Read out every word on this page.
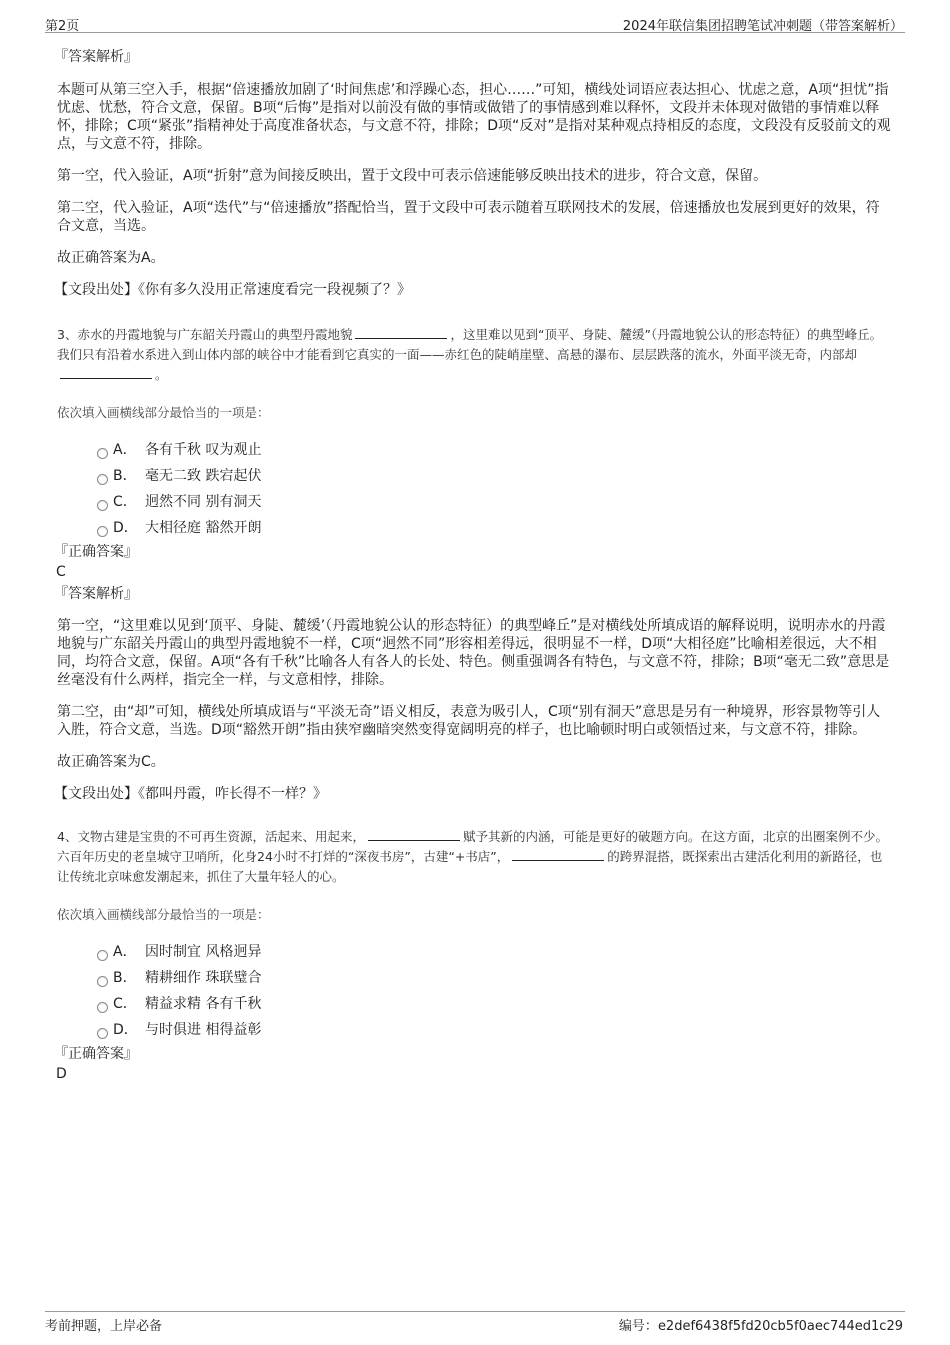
第2页	2024年联信集团招聘笔试冲刺题（带答案解析）

『答案解析』

本题可从第三空入手，根据“倍速播放加剧了‘时间焦虑’和浮躁心态，担心……”可知，横线处词语应表达担心、忧虑之意，A项“担忧”指忧虑、忧愁，符合文意，保留。B项“后悔”是指对以前没有做的事情或做错了的事情感到难以释怀，文段并未体现对做错的事情难以释怀，排除；C项“紧张”指精神处于高度准备状态，与文意不符，排除；D项“反对”是指对某种观点持相反的态度，文段没有反驳前文的观点，与文意不符，排除。

第一空，代入验证，A项“折射”意为间接反映出，置于文段中可表示倍速能够反映出技术的进步，符合文意，保留。

第二空，代入验证，A项“迭代”与“倍速播放”搭配恰当，置于文段中可表示随着互联网技术的发展，倍速播放也发展到更好的效果，符合文意，当选。

故正确答案为A。

【文段出处】《你有多久没用正常速度看完一段视频了？》

3、赤水的丹霞地貌与广东韶关丹霞山的典型丹霞地貌	，这里难以见到“顶平、身陡、麓缓”（丹霞地貌公认的形态特征）的典型峰丘。我们只有沿着水系进入到山体内部的峡谷中才能看到它真实的一面——赤红色的陡峭崖壁、高悬的瀑布、层层跌落的流水，外面平淡无奇，内部却。

依次填入画横线部分最恰当的一项是：

A． 各有千秋 叹为观止
B． 毫无二致 跌宕起伏
C． 迥然不同 别有洞天
D． 大相径庭 豁然开朗

『正确答案』

C

『答案解析』

第一空，“这里难以见到‘顶平、身陡、麓缓’（丹霞地貌公认的形态特征）的典型峰丘”是对横线处所填成语的解释说明，说明赤水的丹霞地貌与广东韶关丹霞山的典型丹霞地貌不一样，C项“迥然不同”形容相差得远，很明显不一样，D项“大相径庭”比喻相差很远，大不相同，均符合文意，保留。A项“各有千秋”比喻各人有各人的长处、特色。侧重强调各有特色，与文意不符，排除；B项“毫无二致”意思是丝毫没有什么两样，指完全一样，与文意相悖，排除。

第二空，由“却”可知，横线处所填成语与“平淡无奇”语义相反，表意为吸引人，C项“别有洞天”意思是另有一种境界，形容景物等引人入胜，符合文意，当选。D项“豁然开朗”指由狭窄幽暗突然变得宽阔明亮的样子，也比喻顿时明白或领悟过来，与文意不符，排除。

故正确答案为C。

【文段出处】《都叫丹霞，咋长得不一样？》

4、文物古建是宝贵的不可再生资源，活起来、用起来，	赋予其新的内涵，可能是更好的破题方向。在这方面，北京的出圈案例不少。六百年历史的老皇城守卫哨所，化身24小时不打烊的“深夜书房”，古建“+书店”，	的跨界混搭，既探索出古建活化利用的新路径，也让传统北京味愈发潮起来，抓住了大量年轻人的心。

依次填入画横线部分最恰当的一项是：

A． 因时制宜 风格迥异
B． 精耕细作 珠联璧合
C． 精益求精 各有千秋
D． 与时俱进 相得益彰

『正确答案』

D

考前押题，上岸必备	编号：e2def6438f5fd20cb5f0aec744ed1c29
